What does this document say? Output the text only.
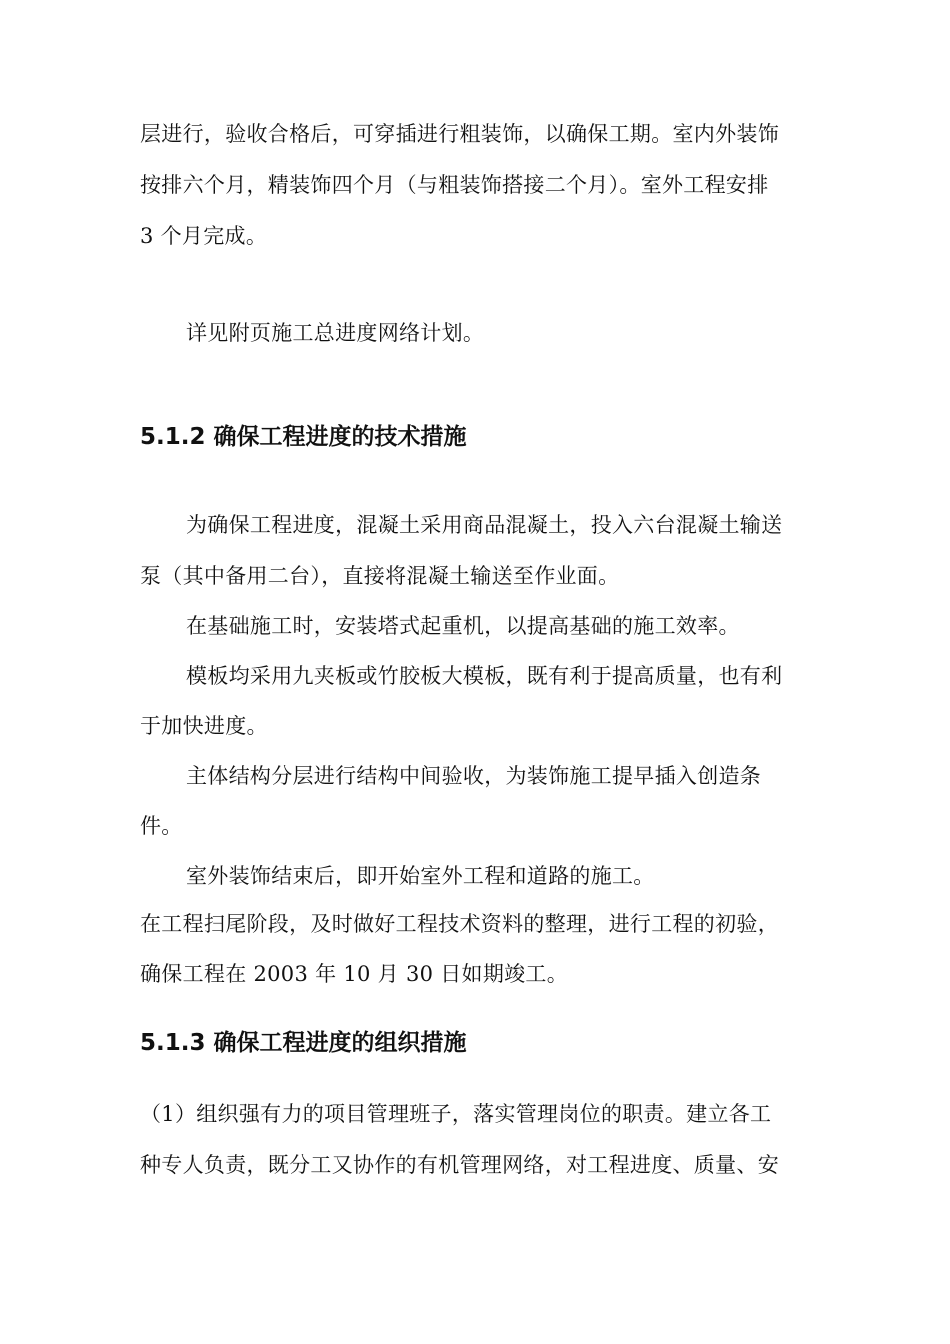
层进行，验收合格后，可穿插进行粗装饰，以确保工期。室内外装饰
按排六个月，精装饰四个月（与粗装饰搭接二个月）。室外工程安排
3 个月完成。
详见附页施工总进度网络计划。
5.1.2 确保工程进度的技术措施
为确保工程进度，混凝土采用商品混凝土，投入六台混凝土输送
泵（其中备用二台），直接将混凝土输送至作业面。
在基础施工时，安装塔式起重机，以提高基础的施工效率。
模板均采用九夹板或竹胶板大模板，既有利于提高质量，也有利
于加快进度。
主体结构分层进行结构中间验收，为装饰施工提早插入创造条
件。
室外装饰结束后，即开始室外工程和道路的施工。
在工程扫尾阶段，及时做好工程技术资料的整理，进行工程的初验，
确保工程在 2003 年 10 月 30 日如期竣工。
5.1.3 确保工程进度的组织措施
（1）组织强有力的项目管理班子，落实管理岗位的职责。建立各工
种专人负责，既分工又协作的有机管理网络，对工程进度、质量、安
